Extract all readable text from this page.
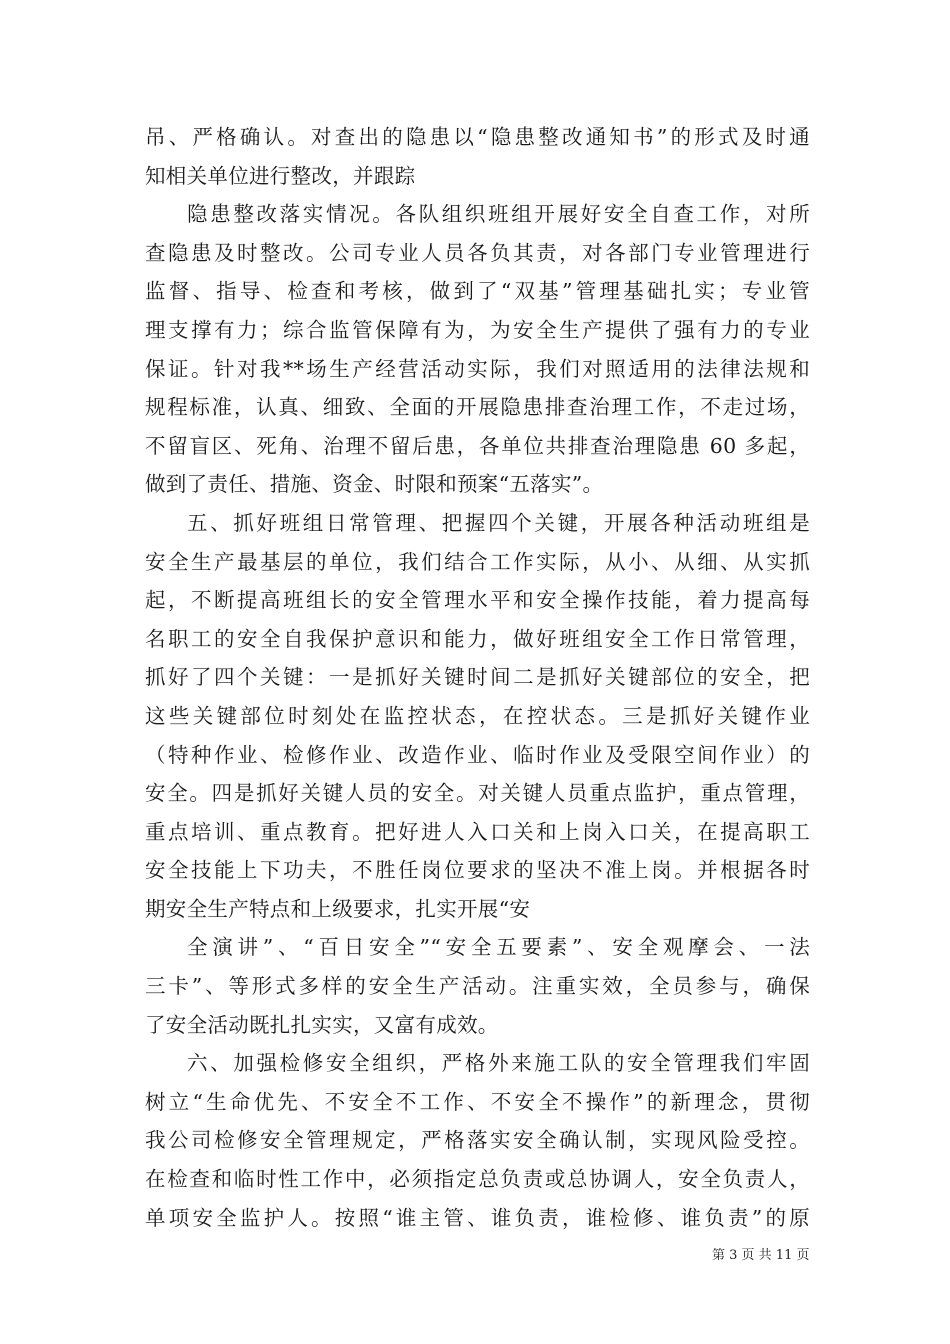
吊、严格确认。对查出的隐患以“隐患整改通知书”的形式及时通
知相关单位进行整改，并跟踪
隐患整改落实情况。各队组织班组开展好安全自查工作，对所
查隐患及时整改。公司专业人员各负其责，对各部门专业管理进行
监督、指导、检查和考核，做到了“双基”管理基础扎实；专业管
理支撑有力；综合监管保障有为，为安全生产提供了强有力的专业
保证。针对我**场生产经营活动实际，我们对照适用的法律法规和
规程标准，认真、细致、全面的开展隐患排查治理工作，不走过场，
不留盲区、死角、治理不留后患，各单位共排查治理隐患 60 多起，
做到了责任、措施、资金、时限和预案“五落实”。
五、抓好班组日常管理、把握四个关键，开展各种活动班组是
安全生产最基层的单位，我们结合工作实际，从小、从细、从实抓
起，不断提高班组长的安全管理水平和安全操作技能，着力提高每
名职工的安全自我保护意识和能力，做好班组安全工作日常管理，
抓好了四个关键：一是抓好关键时间二是抓好关键部位的安全，把
这些关键部位时刻处在监控状态，在控状态。三是抓好关键作业
（特种作业、检修作业、改造作业、临时作业及受限空间作业）的
安全。四是抓好关键人员的安全。对关键人员重点监护，重点管理，
重点培训、重点教育。把好进人入口关和上岗入口关，在提高职工
安全技能上下功夫，不胜任岗位要求的坚决不准上岗。并根据各时
期安全生产特点和上级要求，扎实开展“安
全演讲”、“百日安全”“安全五要素”、安全观摩会、一法
三卡”、等形式多样的安全生产活动。注重实效，全员参与，确保
了安全活动既扎扎实实，又富有成效。
六、加强检修安全组织，严格外来施工队的安全管理我们牢固
树立“生命优先、不安全不工作、不安全不操作”的新理念，贯彻
我公司检修安全管理规定，严格落实安全确认制，实现风险受控。
在检查和临时性工作中，必须指定总负责或总协调人，安全负责人，
单项安全监护人。按照“谁主管、谁负责，谁检修、谁负责”的原
第 3 页 共 11 页
